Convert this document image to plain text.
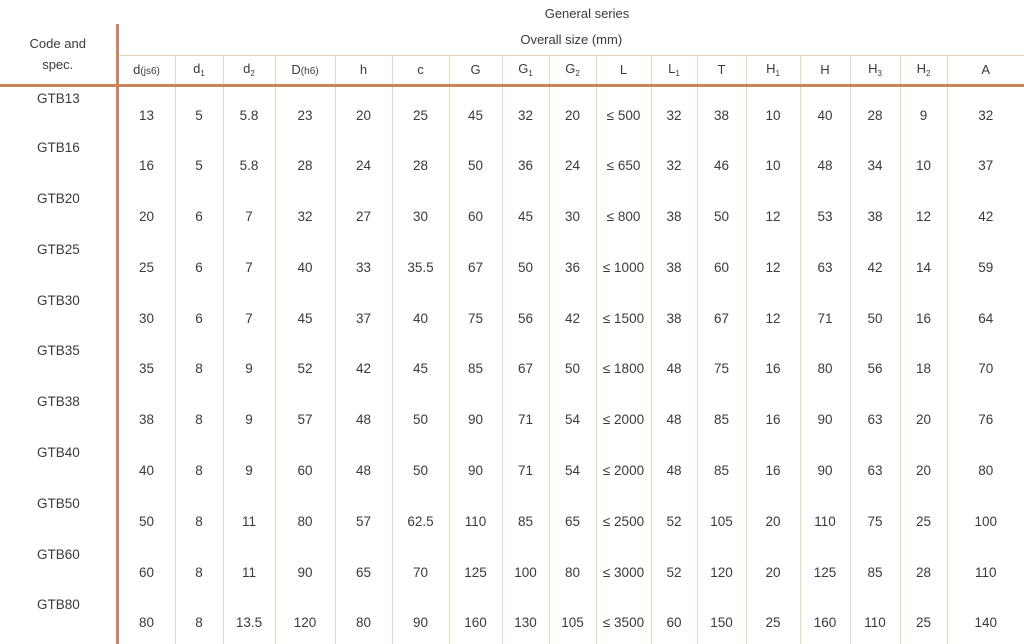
General series
Code and	Overall size (mm)																
spec.	d(js6)	$d_1$	$d_2$	D(h6)	h	c	G	$G_1$	$G_2$	L	$L_1$	T	$H_1$	H	$H_3$	$H_2$	A
GTB13	13	5	5.8	23	20	25	45	32	20	≤ 500	32	38	10	40	28	9	32
GTB16	16	5	5.8	28	24	28	50	36	24	≤ 650	32	46	10	48	34	10	37
GTB20	20	6	7	32	27	30	60	45	30	≤ 800	38	50	12	53	38	12	42
GTB25	25	6	7	40	33	35.5	67	50	36	≤ 1000	38	60	12	63	42	14	59
GTB30	30	6	7	45	37	40	75	56	42	≤ 1500	38	67	12	71	50	16	64
GTB35	35	8	9	52	42	45	85	67	50	≤ 1800	48	75	16	80	56	18	70
GTB38	38	8	9	57	48	50	90	71	54	≤ 2000	48	85	16	90	63	20	76
GTB40	40	8	9	60	48	50	90	71	54	≤ 2000	48	85	16	90	63	20	80
GTB50	50	8	11	80	57	62.5	110	85	65	≤ 2500	52	105	20	110	75	25	100
GTB60	60	8	11	90	65	70	125	100	80	≤ 3000	52	120	20	125	85	28	110
GTB80	80	8	13.5	120	80	90	160	130	105	≤ 3500	60	150	25	160	110	25	140
